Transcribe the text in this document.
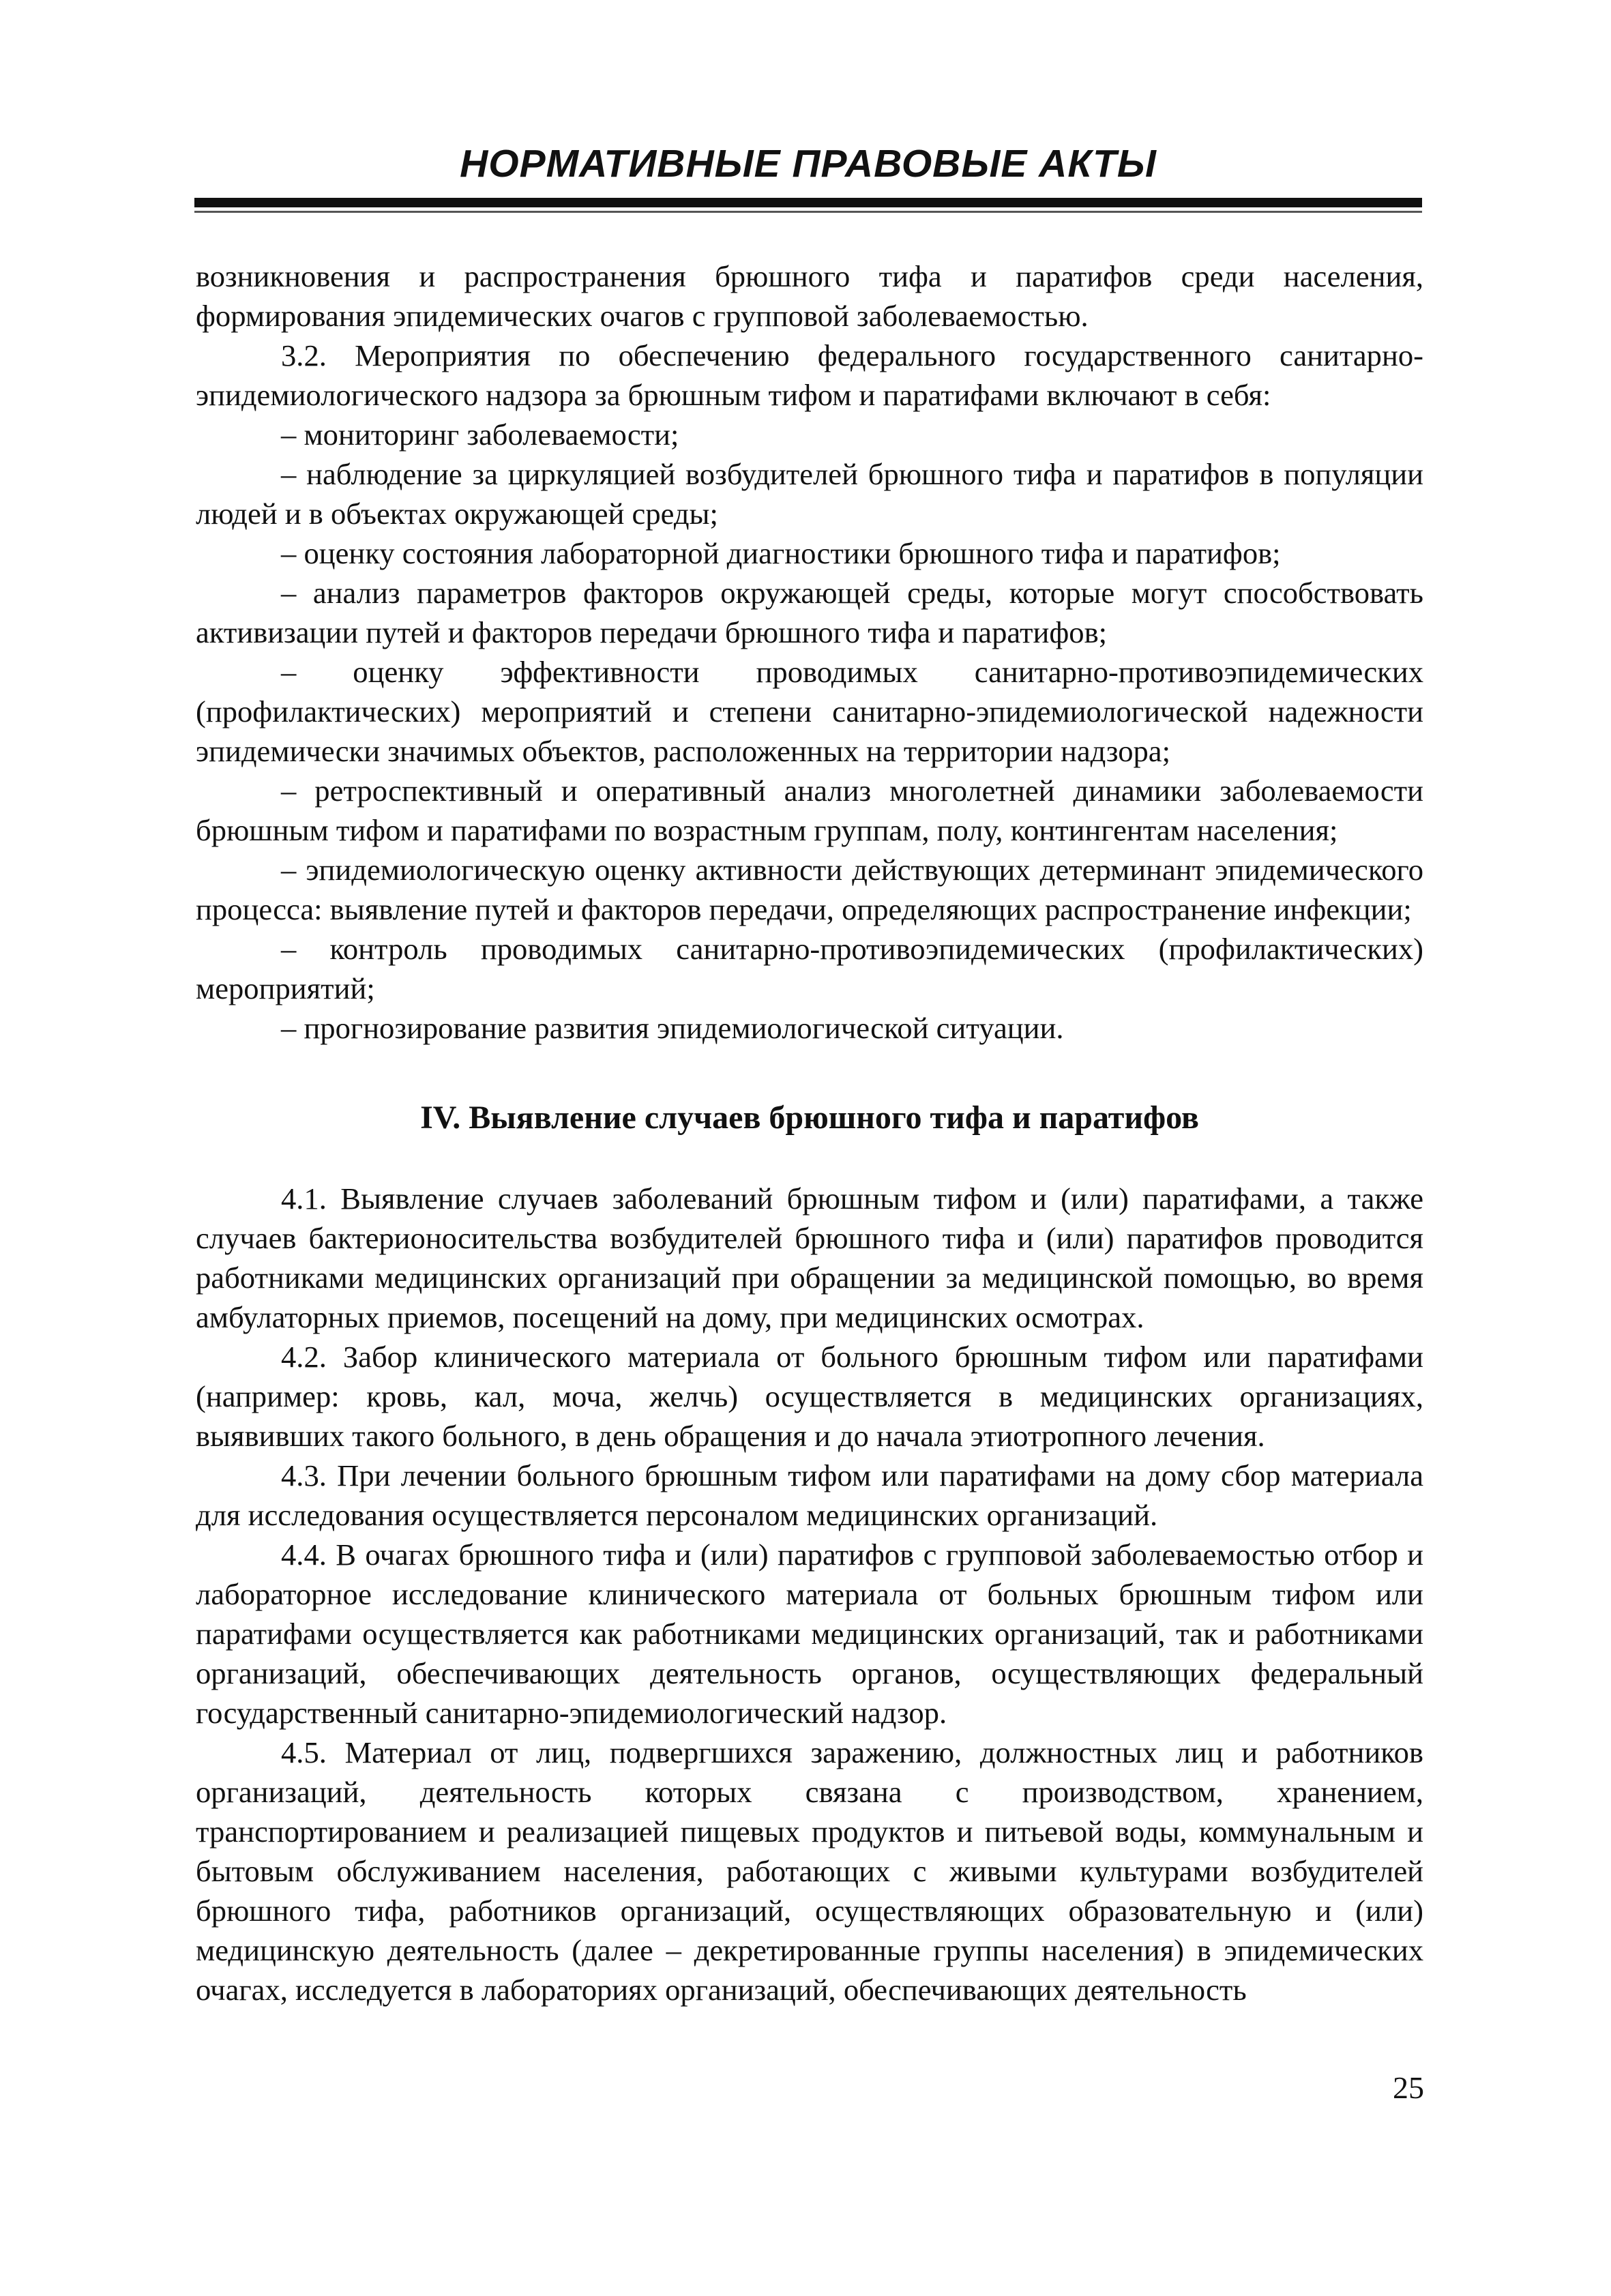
НОРМАТИВНЫЕ ПРАВОВЫЕ АКТЫ

возникновения и распространения брюшного тифа и паратифов среди населения, формирования эпидемических очагов с групповой заболеваемостью.

3.2. Мероприятия по обеспечению федерального государственного санитарно-эпидемиологического надзора за брюшным тифом и паратифами включают в себя:

– мониторинг заболеваемости;

– наблюдение за циркуляцией возбудителей брюшного тифа и паратифов в популяции людей и в объектах окружающей среды;

– оценку состояния лабораторной диагностики брюшного тифа и паратифов;

– анализ параметров факторов окружающей среды, которые могут способствовать активизации путей и факторов передачи брюшного тифа и паратифов;

– оценку эффективности проводимых санитарно-противоэпидемических (профилактических) мероприятий и степени санитарно-эпидемиологической надежности эпидемически значимых объектов, расположенных на территории надзора;

– ретроспективный и оперативный анализ многолетней динамики заболеваемости брюшным тифом и паратифами по возрастным группам, полу, контингентам населения;

– эпидемиологическую оценку активности действующих детерминант эпидемического процесса: выявление путей и факторов передачи, определяющих распространение инфекции;

– контроль проводимых санитарно-противоэпидемических (профилактических) мероприятий;

– прогнозирование развития эпидемиологической ситуации.

IV. Выявление случаев брюшного тифа и паратифов

4.1. Выявление случаев заболеваний брюшным тифом и (или) паратифами, а также случаев бактерионосительства возбудителей брюшного тифа и (или) паратифов проводится работниками медицинских организаций при обращении за медицинской помощью, во время амбулаторных приемов, посещений на дому, при медицинских осмотрах.

4.2. Забор клинического материала от больного брюшным тифом или паратифами (например: кровь, кал, моча, желчь) осуществляется в медицинских организациях, выявивших такого больного, в день обращения и до начала этиотропного лечения.

4.3. При лечении больного брюшным тифом или паратифами на дому сбор материала для исследования осуществляется персоналом медицинских организаций.

4.4. В очагах брюшного тифа и (или) паратифов с групповой заболеваемостью отбор и лабораторное исследование клинического материала от больных брюшным тифом или паратифами осуществляется как работниками медицинских организаций, так и работниками организаций, обеспечивающих деятельность органов, осуществляющих федеральный государственный санитарно-эпидемиологический надзор.

4.5. Материал от лиц, подвергшихся заражению, должностных лиц и работников организаций, деятельность которых связана с производством, хранением, транспортированием и реализацией пищевых продуктов и питьевой воды, коммунальным и бытовым обслуживанием населения, работающих с живыми культурами возбудителей брюшного тифа, работников организаций, осуществляющих образовательную и (или) медицинскую деятельность (далее – декретированные группы населения) в эпидемических очагах, исследуется в лабораториях организаций, обеспечивающих деятельность

25
